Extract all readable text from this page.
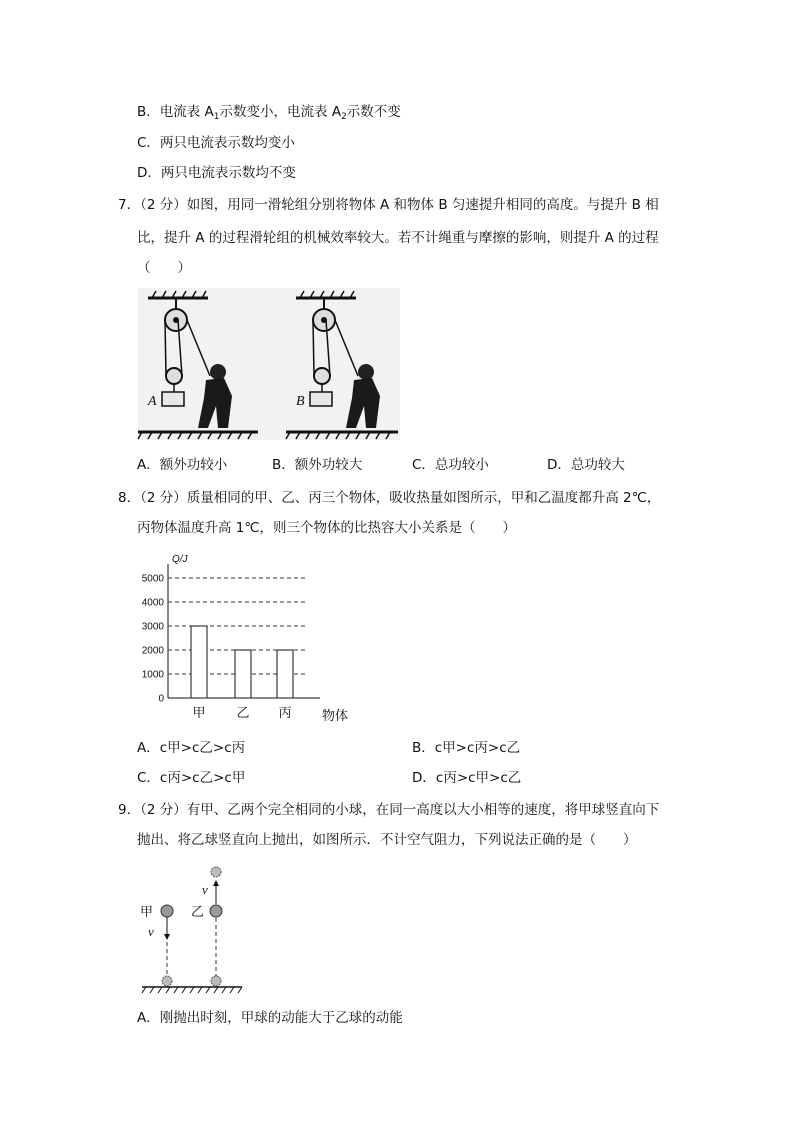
B．电流表 $A_1$示数变小，电流表 $A_2$示数不变
C．两只电流表示数均变小
D．两只电流表示数均不变
7．（2 分）如图，用同一滑轮组分别将物体 A 和物体 B 匀速提升相同的高度。与提升 B 相
比，提升 A 的过程滑轮组的机械效率较大。若不计绳重与摩擦的影响，则提升 A 的过程
（　　）
A	B
A．额外功较小	B．额外功较大	C．总功较小	D．总功较大
8．（2 分）质量相同的甲、乙、丙三个物体，吸收热量如图所示，甲和乙温度都升高 2℃，
丙物体温度升高 1℃，则三个物体的比热容大小关系是（　　）
Q/J
0
1000
2000
3000
4000
5000
甲 乙 丙 物体
A．c甲>c乙>c丙	B．c甲>c丙>c乙
C．c丙>c乙>c甲	D．c丙>c甲>c乙
9．（2 分）有甲、乙两个完全相同的小球，在同一高度以大小相等的速度，将甲球竖直向下
抛出、将乙球竖直向上抛出，如图所示．不计空气阻力，下列说法正确的是（　　）
v
甲	乙
v
A．刚抛出时刻，甲球的动能大于乙球的动能
